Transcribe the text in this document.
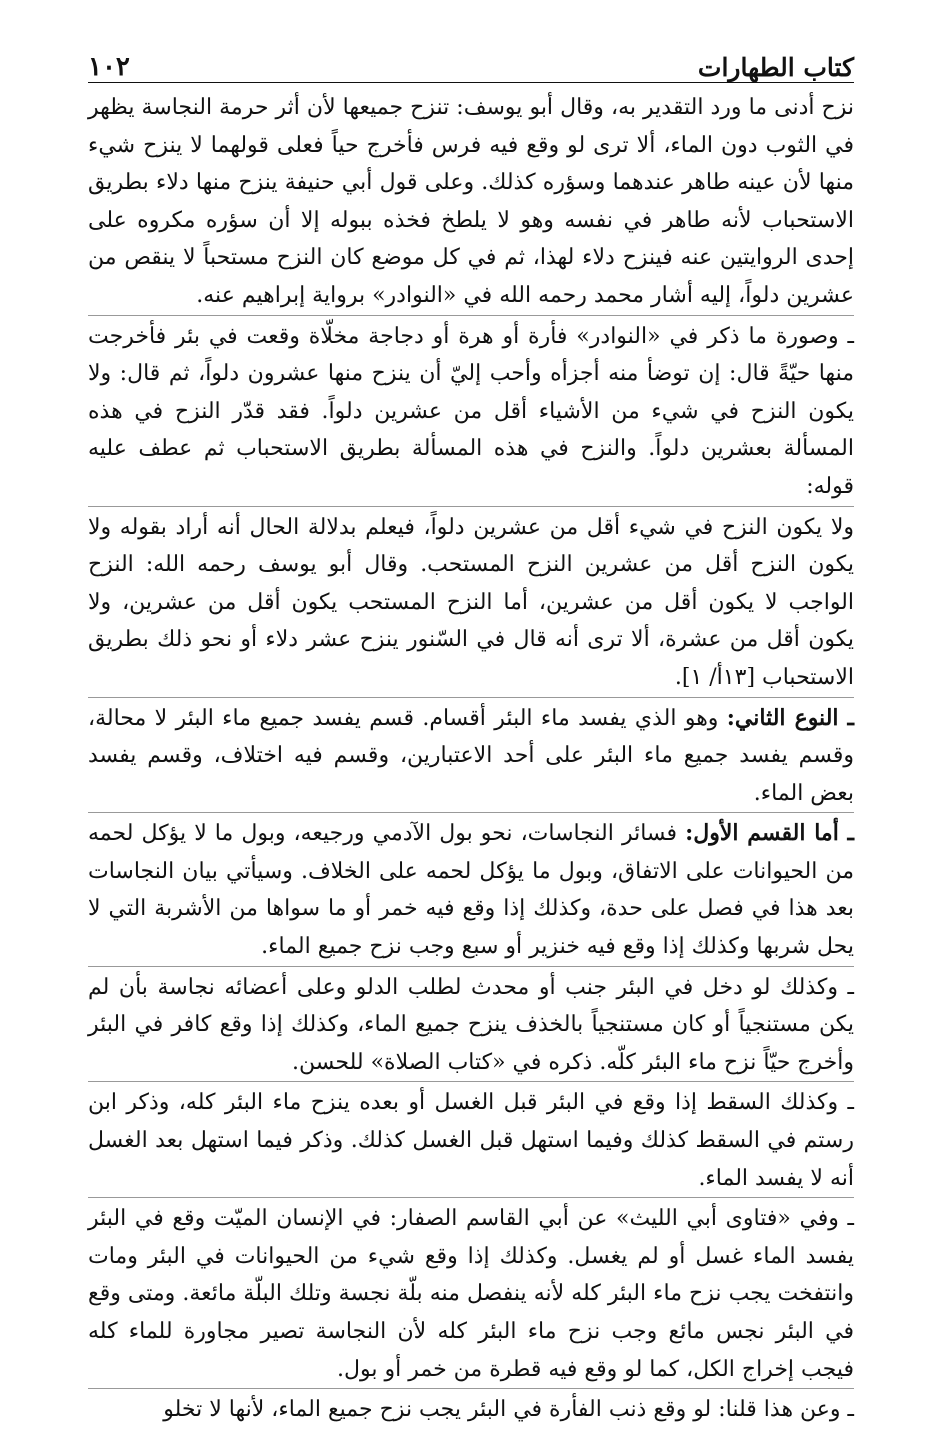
كتاب الطهارات
١٠٢

نزح أدنى ما ورد التقدير به، وقال أبو يوسف: تنزح جميعها لأن أثر حرمة النجاسة يظهر في الثوب دون الماء، ألا ترى لو وقع فيه فرس فأخرج حياً فعلى قولهما لا ينزح شيء منها لأن عينه طاهر عندهما وسؤره كذلك. وعلى قول أبي حنيفة ينزح منها دلاء بطريق الاستحباب لأنه طاهر في نفسه وهو لا يلطخ فخذه ببوله إلا أن سؤره مكروه على إحدى الروايتين عنه فينزح دلاء لهذا، ثم في كل موضع كان النزح مستحباً لا ينقص من عشرين دلواً، إليه أشار محمد رحمه الله في «النوادر» برواية إبراهيم عنه.

ـ وصورة ما ذكر في «النوادر» فأرة أو هرة أو دجاجة مخلّاة وقعت في بئر فأخرجت منها حيّةً قال: إن توضأ منه أجزأه وأحب إليّ أن ينزح منها عشرون دلواً، ثم قال: ولا يكون النزح في شيء من الأشياء أقل من عشرين دلواً. فقد قدّر النزح في هذه المسألة بعشرين دلواً. والنزح في هذه المسألة بطريق الاستحباب ثم عطف عليه قوله:

ولا يكون النزح في شيء أقل من عشرين دلواً، فيعلم بدلالة الحال أنه أراد بقوله ولا يكون النزح أقل من عشرين النزح المستحب. وقال أبو يوسف رحمه الله: النزح الواجب لا يكون أقل من عشرين، أما النزح المستحب يكون أقل من عشرين، ولا يكون أقل من عشرة، ألا ترى أنه قال في السّنور ينزح عشر دلاء أو نحو ذلك بطريق الاستحباب [١٣أ/ ١].

ـ النوع الثاني: وهو الذي يفسد ماء البئر أقسام. قسم يفسد جميع ماء البئر لا محالة، وقسم يفسد جميع ماء البئر على أحد الاعتبارين، وقسم فيه اختلاف، وقسم يفسد بعض الماء.

ـ أما القسم الأول: فسائر النجاسات، نحو بول الآدمي ورجيعه، وبول ما لا يؤكل لحمه من الحيوانات على الاتفاق، وبول ما يؤكل لحمه على الخلاف. وسيأتي بيان النجاسات بعد هذا في فصل على حدة، وكذلك إذا وقع فيه خمر أو ما سواها من الأشربة التي لا يحل شربها وكذلك إذا وقع فيه خنزير أو سبع وجب نزح جميع الماء.

ـ وكذلك لو دخل في البئر جنب أو محدث لطلب الدلو وعلى أعضائه نجاسة بأن لم يكن مستنجياً أو كان مستنجياً بالخذف ينزح جميع الماء، وكذلك إذا وقع كافر في البئر وأخرج حيّاً نزح ماء البئر كلّه. ذكره في «كتاب الصلاة» للحسن.

ـ وكذلك السقط إذا وقع في البئر قبل الغسل أو بعده ينزح ماء البئر كله، وذكر ابن رستم في السقط كذلك وفيما استهل قبل الغسل كذلك. وذكر فيما استهل بعد الغسل أنه لا يفسد الماء.

ـ وفي «فتاوى أبي الليث» عن أبي القاسم الصفار: في الإنسان الميّت وقع في البئر يفسد الماء غسل أو لم يغسل. وكذلك إذا وقع شيء من الحيوانات في البئر ومات وانتفخت يجب نزح ماء البئر كله لأنه ينفصل منه بلّة نجسة وتلك البلّة مائعة. ومتى وقع في البئر نجس مائع وجب نزح ماء البئر كله لأن النجاسة تصير مجاورة للماء كله فيجب إخراج الكل، كما لو وقع فيه قطرة من خمر أو بول.

ـ وعن هذا قلنا: لو وقع ذنب الفأرة في البئر يجب نزح جميع الماء، لأنها لا تخلو
